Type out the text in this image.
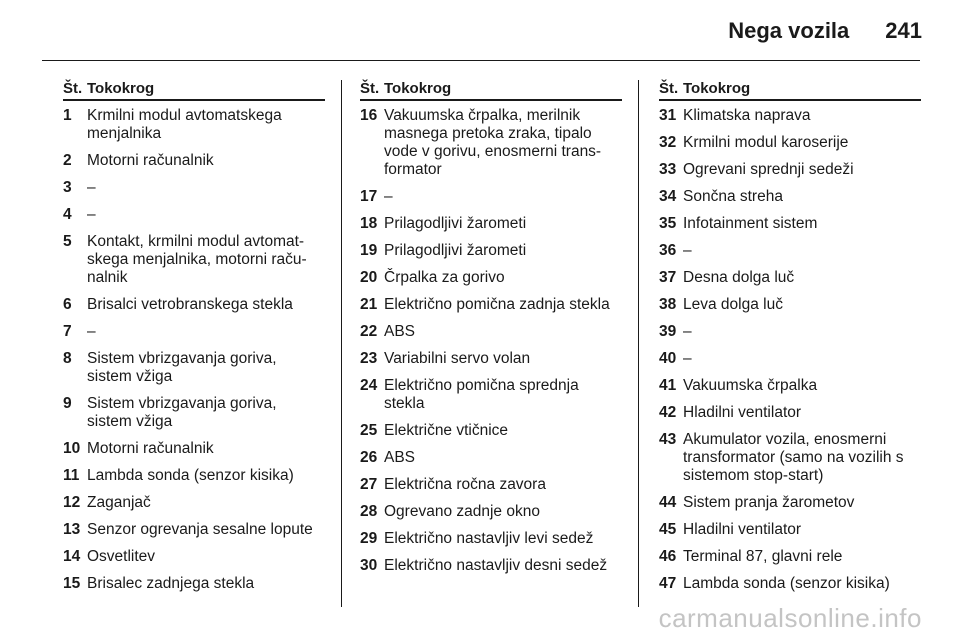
Nega vozila 241
Št. Tokokrog
1 Krmilni modul avtomatskega
menjalnika
2 Motorni računalnik
3 –
4 –
5 Kontakt, krmilni modul avtomat-
skega menjalnika, motorni raču-
nalnik
6 Brisalci vetrobranskega stekla
7 –
8 Sistem vbrizgavanja goriva,
sistem vžiga
9 Sistem vbrizgavanja goriva,
sistem vžiga
10 Motorni računalnik
11 Lambda sonda (senzor kisika)
12 Zaganjač
13 Senzor ogrevanja sesalne lopute
14 Osvetlitev
15 Brisalec zadnjega stekla
Št. Tokokrog
16 Vakuumska črpalka, merilnik
masnega pretoka zraka, tipalo
vode v gorivu, enosmerni trans-
formator
17 –
18 Prilagodljivi žarometi
19 Prilagodljivi žarometi
20 Črpalka za gorivo
21 Električno pomična zadnja stekla
22 ABS
23 Variabilni servo volan
24 Električno pomična sprednja
stekla
25 Električne vtičnice
26 ABS
27 Električna ročna zavora
28 Ogrevano zadnje okno
29 Električno nastavljiv levi sedež
30 Električno nastavljiv desni sedež
Št. Tokokrog
31 Klimatska naprava
32 Krmilni modul karoserije
33 Ogrevani sprednji sedeži
34 Sončna streha
35 Infotainment sistem
36 –
37 Desna dolga luč
38 Leva dolga luč
39 –
40 –
41 Vakuumska črpalka
42 Hladilni ventilator
43 Akumulator vozila, enosmerni
transformator (samo na vozilih s
sistemom stop-start)
44 Sistem pranja žarometov
45 Hladilni ventilator
46 Terminal 87, glavni rele
47 Lambda sonda (senzor kisika)
carmanualsonline.info
